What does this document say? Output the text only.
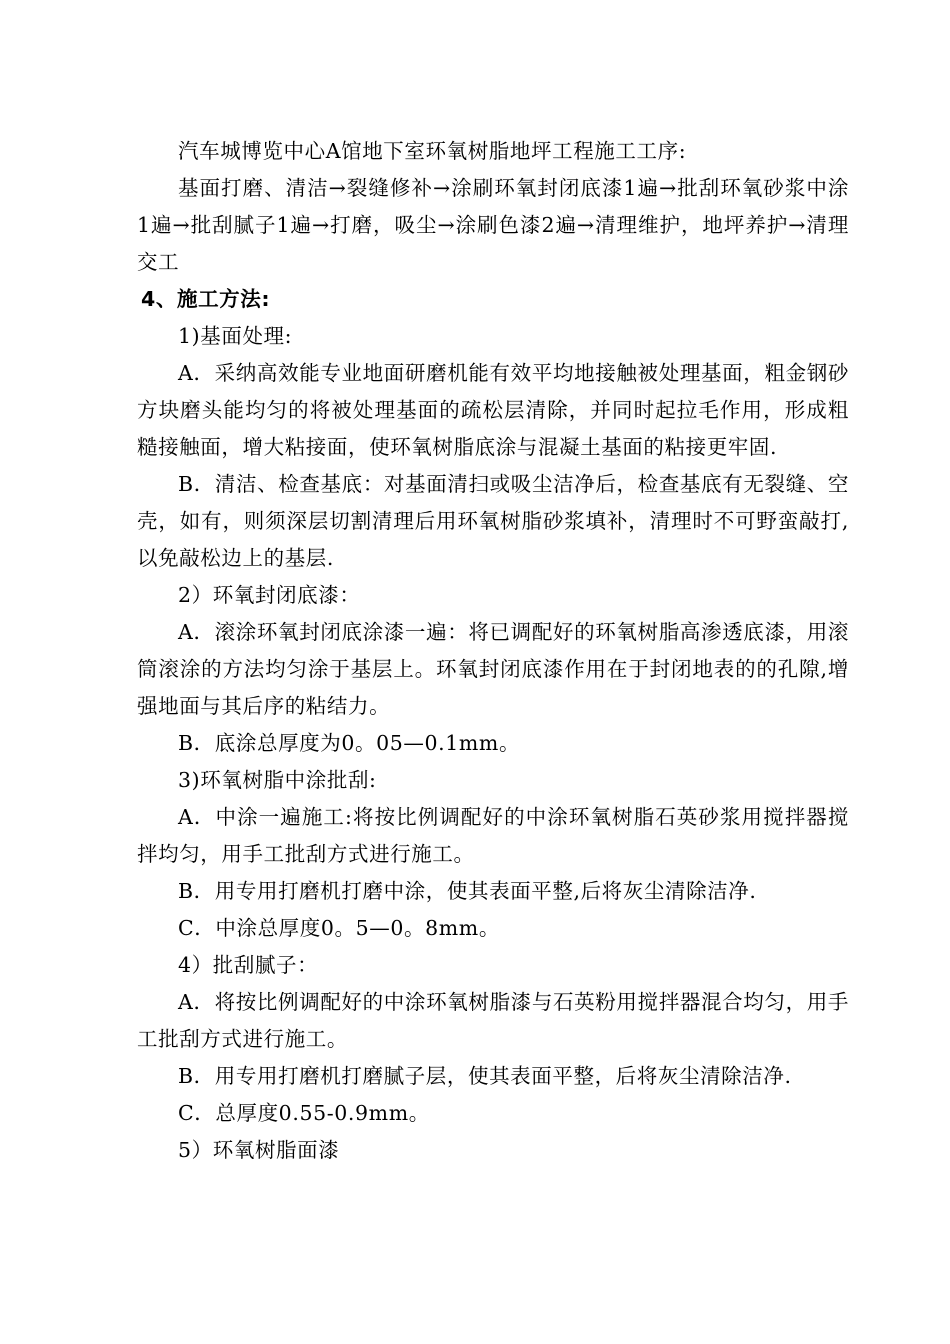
汽车城博览中心A馆地下室环氧树脂地坪工程施工工序:

基面打磨、清洁→裂缝修补→涂刷环氧封闭底漆1遍→批刮环氧砂浆中涂1遍→批刮腻子1遍→打磨，吸尘→涂刷色漆2遍→清理维护，地坪养护→清理交工

4、施工方法:

1)基面处理:

A．采纳高效能专业地面研磨机能有效平均地接触被处理基面，粗金钢砂方块磨头能均匀的将被处理基面的疏松层清除，并同时起拉毛作用，形成粗糙接触面，增大粘接面，使环氧树脂底涂与混凝土基面的粘接更牢固.

B．清洁、检查基底：对基面清扫或吸尘洁净后，检查基底有无裂缝、空壳，如有，则须深层切割清理后用环氧树脂砂浆填补，清理时不可野蛮敲打,以免敲松边上的基层.

2）环氧封闭底漆：

A．滚涂环氧封闭底涂漆一遍：将已调配好的环氧树脂高渗透底漆，用滚筒滚涂的方法均匀涂于基层上。环氧封闭底漆作用在于封闭地表的的孔隙,增强地面与其后序的粘结力。

B．底涂总厚度为0。05—0.1mm。

3)环氧树脂中涂批刮:

A．中涂一遍施工:将按比例调配好的中涂环氧树脂石英砂浆用搅拌器搅拌均匀，用手工批刮方式进行施工。

B．用专用打磨机打磨中涂，使其表面平整,后将灰尘清除洁净.

C．中涂总厚度0。5—0。8mm。

4）批刮腻子：

A．将按比例调配好的中涂环氧树脂漆与石英粉用搅拌器混合均匀，用手工批刮方式进行施工。

B．用专用打磨机打磨腻子层，使其表面平整，后将灰尘清除洁净.

C．总厚度0.55-0.9mm。

5）环氧树脂面漆
